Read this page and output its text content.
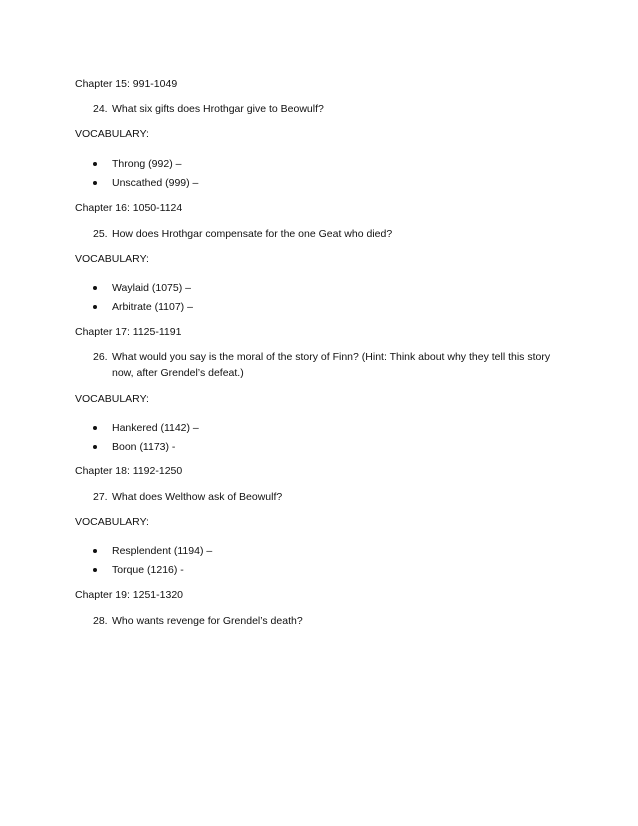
Chapter 15: 991-1049
24. What six gifts does Hrothgar give to Beowulf?
VOCABULARY:
Throng (992) –
Unscathed (999) –
Chapter 16: 1050-1124
25. How does Hrothgar compensate for the one Geat who died?
VOCABULARY:
Waylaid (1075) –
Arbitrate (1107) –
Chapter 17: 1125-1191
26. What would you say is the moral of the story of Finn? (Hint: Think about why they tell this story
now, after Grendel’s defeat.)
VOCABULARY:
Hankered (1142) –
Boon (1173) -
Chapter 18: 1192-1250
27. What does Welthow ask of Beowulf?
VOCABULARY:
Resplendent (1194) –
Torque (1216) -
Chapter 19: 1251-1320
28. Who wants revenge for Grendel’s death?
